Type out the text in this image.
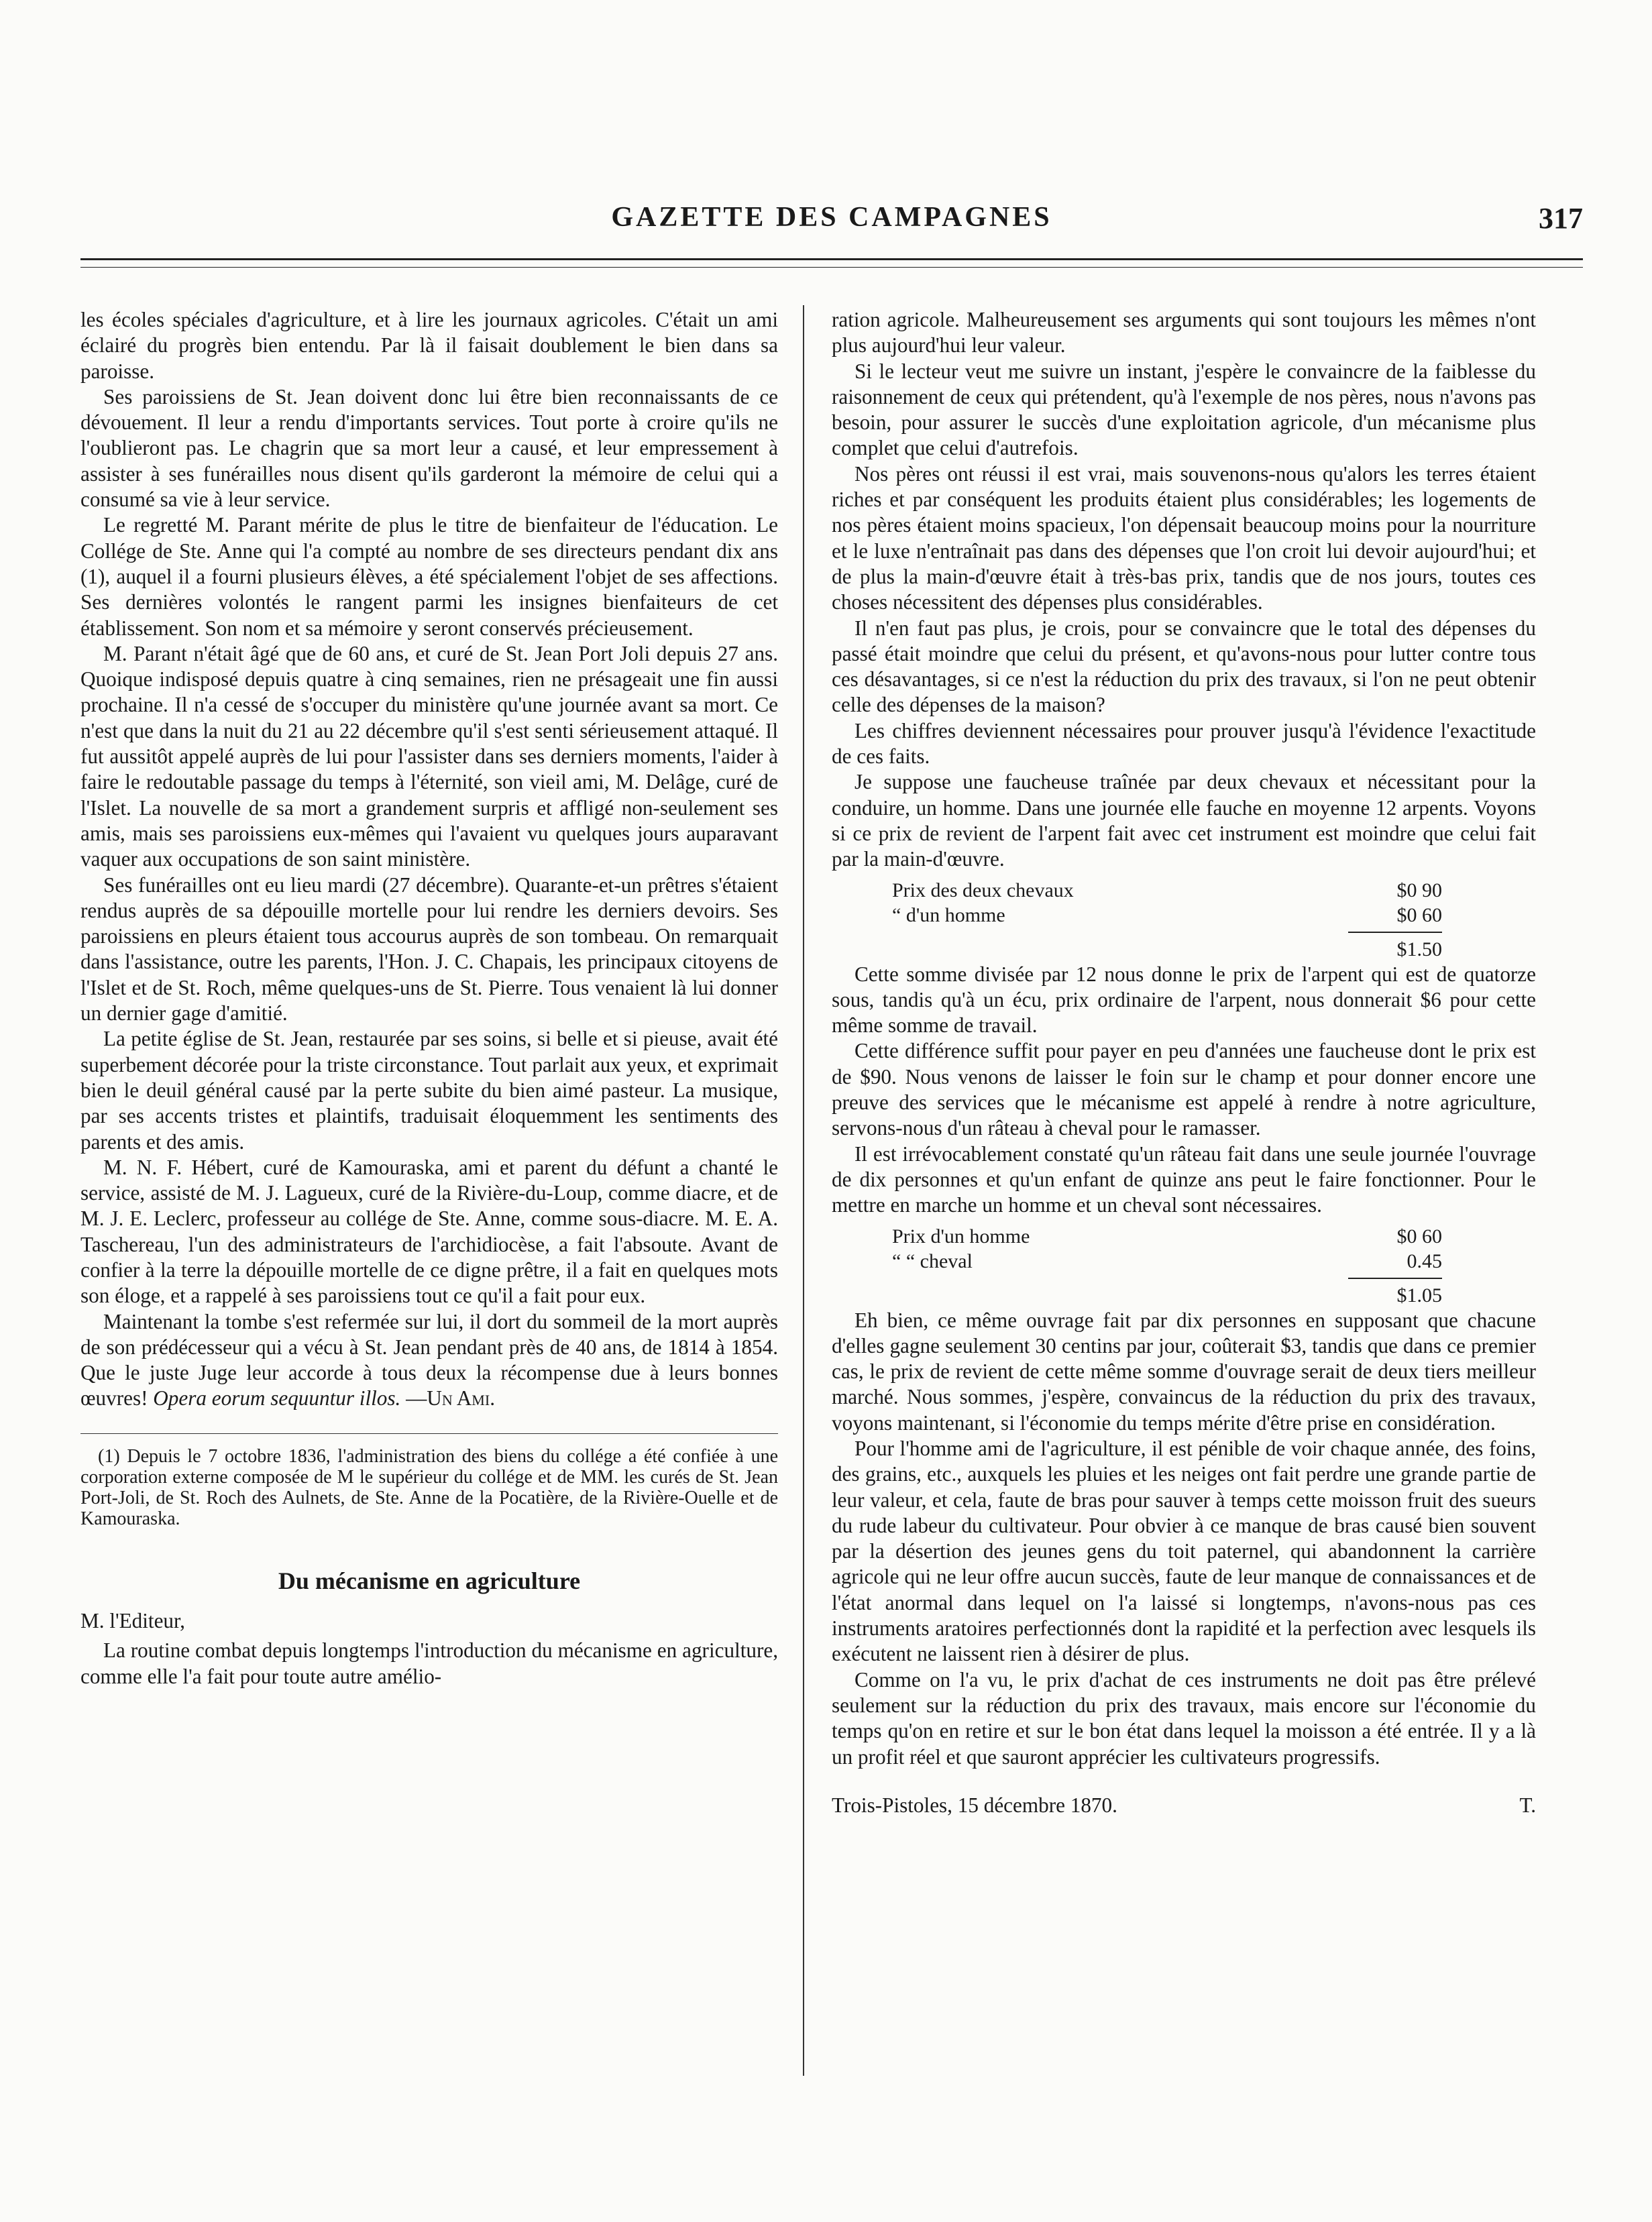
GAZETTE DES CAMPAGNES	317

les écoles spéciales d'agriculture, et à lire les journaux agricoles. C'était un ami éclairé du progrès bien entendu. Par là il faisait doublement le bien dans sa paroisse.

Ses paroissiens de St. Jean doivent donc lui être bien reconnaissants de ce dévouement. Il leur a rendu d'importants services. Tout porte à croire qu'ils ne l'oublieront pas. Le chagrin que sa mort leur a causé, et leur empressement à assister à ses funérailles nous disent qu'ils garderont la mémoire de celui qui a consumé sa vie à leur service.

Le regretté M. Parant mérite de plus le titre de bienfaiteur de l'éducation. Le Collége de Ste. Anne qui l'a compté au nombre de ses directeurs pendant dix ans (1), auquel il a fourni plusieurs élèves, a été spécialement l'objet de ses affections. Ses dernières volontés le rangent parmi les insignes bienfaiteurs de cet établissement. Son nom et sa mémoire y seront conservés précieusement.

M. Parant n'était âgé que de 60 ans, et curé de St. Jean Port Joli depuis 27 ans. Quoique indisposé depuis quatre à cinq semaines, rien ne présageait une fin aussi prochaine. Il n'a cessé de s'occuper du ministère qu'une journée avant sa mort. Ce n'est que dans la nuit du 21 au 22 décembre qu'il s'est senti sérieusement attaqué. Il fut aussitôt appelé auprès de lui pour l'assister dans ses derniers moments, l'aider à faire le redoutable passage du temps à l'éternité, son vieil ami, M. Delâge, curé de l'Islet. La nouvelle de sa mort a grandement surpris et affligé non-seulement ses amis, mais ses paroissiens eux-mêmes qui l'avaient vu quelques jours auparavant vaquer aux occupations de son saint ministère.

Ses funérailles ont eu lieu mardi (27 décembre). Quarante-et-un prêtres s'étaient rendus auprès de sa dépouille mortelle pour lui rendre les derniers devoirs. Ses paroissiens en pleurs étaient tous accourus auprès de son tombeau. On remarquait dans l'assistance, outre les parents, l'Hon. J. C. Chapais, les principaux citoyens de l'Islet et de St. Roch, même quelques-uns de St. Pierre. Tous venaient là lui donner un dernier gage d'amitié.

La petite église de St. Jean, restaurée par ses soins, si belle et si pieuse, avait été superbement décorée pour la triste circonstance. Tout parlait aux yeux, et exprimait bien le deuil général causé par la perte subite du bien aimé pasteur. La musique, par ses accents tristes et plaintifs, traduisait éloquemment les sentiments des parents et des amis.

M. N. F. Hébert, curé de Kamouraska, ami et parent du défunt a chanté le service, assisté de M. J. Lagueux, curé de la Rivière-du-Loup, comme diacre, et de M. J. E. Leclerc, professeur au collége de Ste. Anne, comme sous-diacre. M. E. A. Taschereau, l'un des administrateurs de l'archidiocèse, a fait l'absoute. Avant de confier à la terre la dépouille mortelle de ce digne prêtre, il a fait en quelques mots son éloge, et a rappelé à ses paroissiens tout ce qu'il a fait pour eux.

Maintenant la tombe s'est refermée sur lui, il dort du sommeil de la mort auprès de son prédécesseur qui a vécu à St. Jean pendant près de 40 ans, de 1814 à 1854. Que le juste Juge leur accorde à tous deux la récompense due à leurs bonnes œuvres! Opera eorum sequuntur illos. —Un Ami.

(1) Depuis le 7 octobre 1836, l'administration des biens du collége a été confiée à une corporation externe composée de M le supérieur du collége et de MM. les curés de St. Jean Port-Joli, de St. Roch des Aulnets, de Ste. Anne de la Pocatière, de la Rivière-Ouelle et de Kamouraska.

Du mécanisme en agriculture

M. l'Editeur,

La routine combat depuis longtemps l'introduction du mécanisme en agriculture, comme elle l'a fait pour toute autre amélio-

ration agricole. Malheureusement ses arguments qui sont toujours les mêmes n'ont plus aujourd'hui leur valeur.

Si le lecteur veut me suivre un instant, j'espère le convaincre de la faiblesse du raisonnement de ceux qui prétendent, qu'à l'exemple de nos pères, nous n'avons pas besoin, pour assurer le succès d'une exploitation agricole, d'un mécanisme plus complet que celui d'autrefois.

Nos pères ont réussi il est vrai, mais souvenons-nous qu'alors les terres étaient riches et par conséquent les produits étaient plus considérables; les logements de nos pères étaient moins spacieux, l'on dépensait beaucoup moins pour la nourriture et le luxe n'entraînait pas dans des dépenses que l'on croit lui devoir aujourd'hui; et de plus la main-d'œuvre était à très-bas prix, tandis que de nos jours, toutes ces choses nécessitent des dépenses plus considérables.

Il n'en faut pas plus, je crois, pour se convaincre que le total des dépenses du passé était moindre que celui du présent, et qu'avons-nous pour lutter contre tous ces désavantages, si ce n'est la réduction du prix des travaux, si l'on ne peut obtenir celle des dépenses de la maison?

Les chiffres deviennent nécessaires pour prouver jusqu'à l'évidence l'exactitude de ces faits.

Je suppose une faucheuse traînée par deux chevaux et nécessitant pour la conduire, un homme. Dans une journée elle fauche en moyenne 12 arpents. Voyons si ce prix de revient de l'arpent fait avec cet instrument est moindre que celui fait par la main-d'œuvre.

Prix des deux chevaux	$0 90
“ d'un homme	$0 60
$1.50

Cette somme divisée par 12 nous donne le prix de l'arpent qui est de quatorze sous, tandis qu'à un écu, prix ordinaire de l'arpent, nous donnerait $6 pour cette même somme de travail.

Cette différence suffit pour payer en peu d'années une faucheuse dont le prix est de $90. Nous venons de laisser le foin sur le champ et pour donner encore une preuve des services que le mécanisme est appelé à rendre à notre agriculture, servons-nous d'un râteau à cheval pour le ramasser.

Il est irrévocablement constaté qu'un râteau fait dans une seule journée l'ouvrage de dix personnes et qu'un enfant de quinze ans peut le faire fonctionner. Pour le mettre en marche un homme et un cheval sont nécessaires.

Prix d'un homme	$0 60
“ “ cheval	0.45
$1.05

Eh bien, ce même ouvrage fait par dix personnes en supposant que chacune d'elles gagne seulement 30 centins par jour, coûterait $3, tandis que dans ce premier cas, le prix de revient de cette même somme d'ouvrage serait de deux tiers meilleur marché. Nous sommes, j'espère, convaincus de la réduction du prix des travaux, voyons maintenant, si l'économie du temps mérite d'être prise en considération.

Pour l'homme ami de l'agriculture, il est pénible de voir chaque année, des foins, des grains, etc., auxquels les pluies et les neiges ont fait perdre une grande partie de leur valeur, et cela, faute de bras pour sauver à temps cette moisson fruit des sueurs du rude labeur du cultivateur. Pour obvier à ce manque de bras causé bien souvent par la désertion des jeunes gens du toit paternel, qui abandonnent la carrière agricole qui ne leur offre aucun succès, faute de leur manque de connaissances et de l'état anormal dans lequel on l'a laissé si longtemps, n'avons-nous pas ces instruments aratoires perfectionnés dont la rapidité et la perfection avec lesquels ils exécutent ne laissent rien à désirer de plus.

Comme on l'a vu, le prix d'achat de ces instruments ne doit pas être prélevé seulement sur la réduction du prix des travaux, mais encore sur l'économie du temps qu'on en retire et sur le bon état dans lequel la moisson a été entrée. Il y a là un profit réel et que sauront apprécier les cultivateurs progressifs.

Trois-Pistoles, 15 décembre 1870.	T.
